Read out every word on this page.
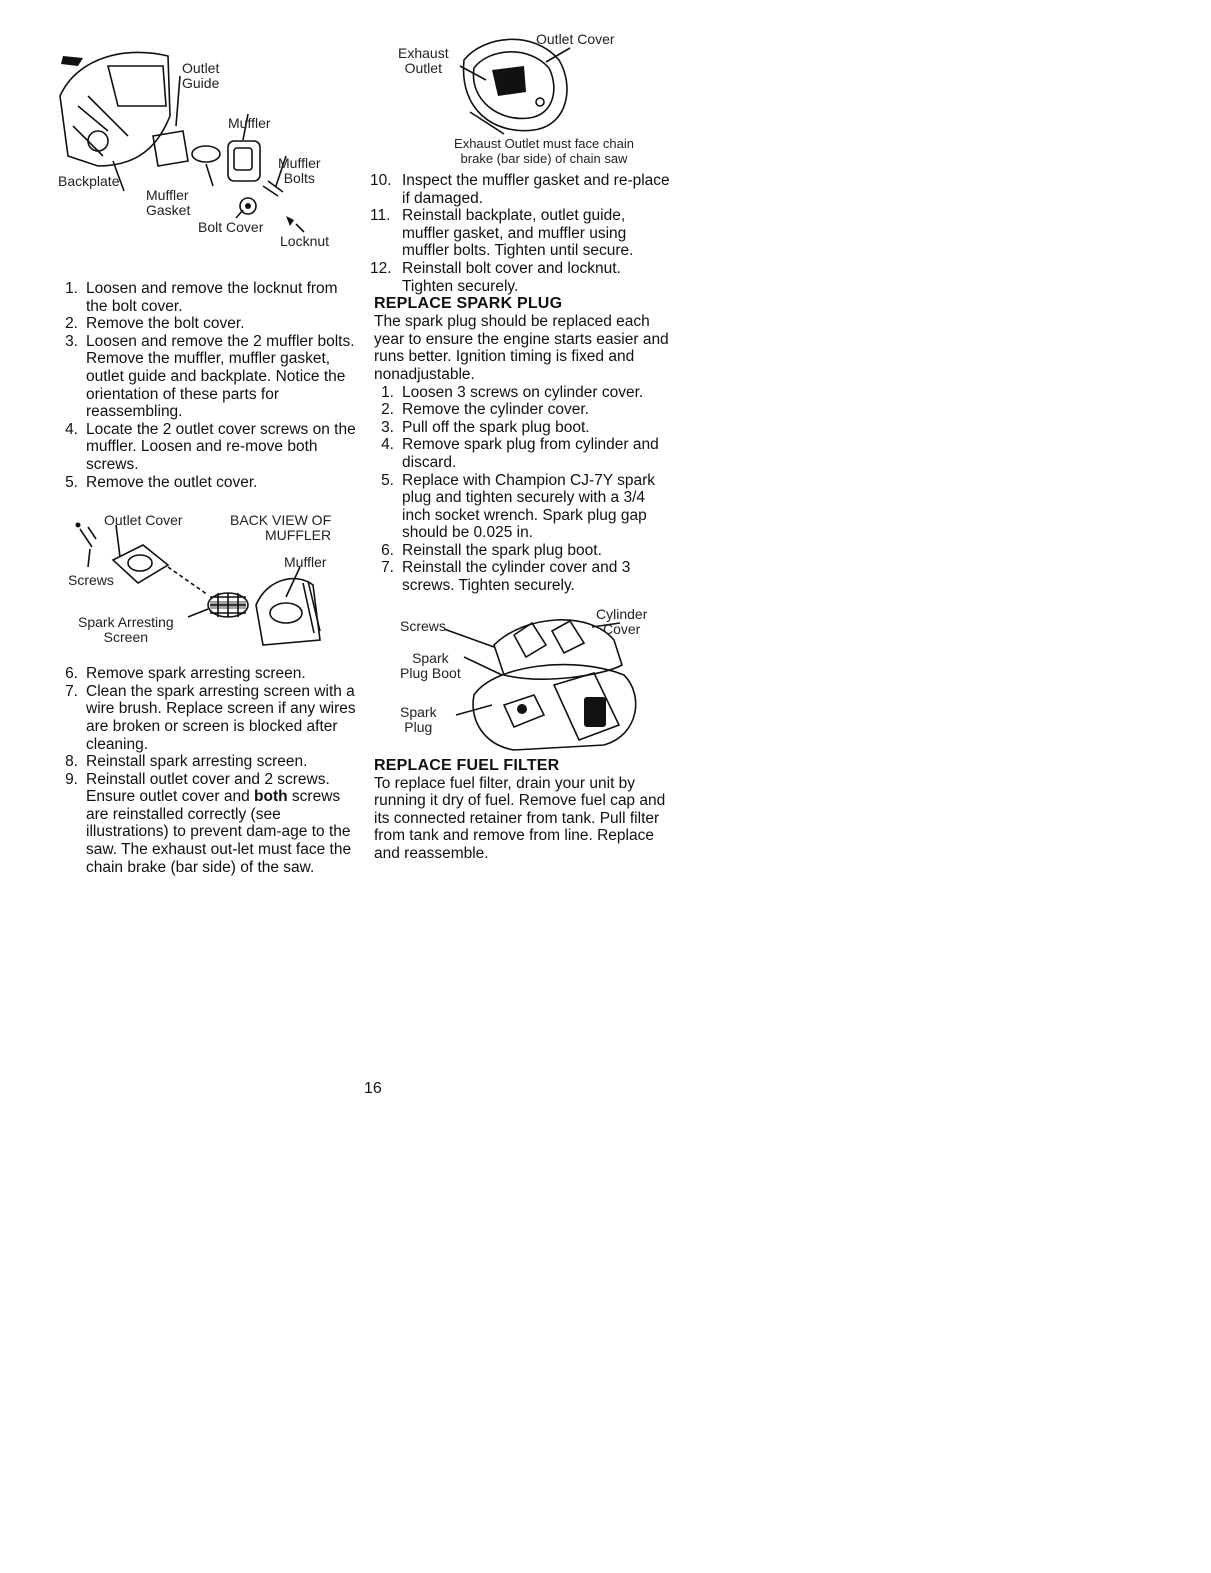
Outlet
Guide
Muffler
Muffler
Bolts
Backplate
Muffler
Gasket
Bolt Cover
Locknut
1. Loosen and remove the locknut from the bolt cover.
2. Remove the bolt cover.
3. Loosen and remove the 2 muffler bolts. Remove the muffler, muffler gasket, outlet guide and backplate. Notice the orientation of these parts for reassembling.
4. Locate the 2 outlet cover screws on the muffler. Loosen and re-move both screws.
5. Remove the outlet cover.
Outlet Cover	BACK VIEW OF
MUFFLER
Muffler
Screws
Spark Arresting
Screen
6. Remove spark arresting screen.
7. Clean the spark arresting screen with a wire brush. Replace screen if any wires are broken or screen is blocked after cleaning.
8. Reinstall spark arresting screen.
9. Reinstall outlet cover and 2 screws. Ensure outlet cover and both screws are reinstalled correctly (see illustrations) to prevent dam-age to the saw. The exhaust out-let must face the chain brake (bar side) of the saw.
Outlet Cover
Exhaust
Outlet
Exhaust Outlet must face chain
brake (bar side) of chain saw
10. Inspect the muffler gasket and re-place if damaged.
11. Reinstall backplate, outlet guide, muffler gasket, and muffler using muffler bolts. Tighten until secure.
12. Reinstall bolt cover and locknut. Tighten securely.
REPLACE SPARK PLUG

The spark plug should be replaced each year to ensure the engine starts easier and runs better. Ignition timing is fixed and nonadjustable.

1. Loosen 3 screws on cylinder cover.
2. Remove the cylinder cover.
3. Pull off the spark plug boot.
4. Remove spark plug from cylinder and discard.
5. Replace with Champion CJ-7Y spark plug and tighten securely with a 3/4 inch socket wrench. Spark plug gap should be 0.025 in.
6. Reinstall the spark plug boot.
7. Reinstall the cylinder cover and 3 screws. Tighten securely.
Screws
Cylinder
Cover
Spark
Plug Boot
Spark
Plug
REPLACE FUEL FILTER

To replace fuel filter, drain your unit by running it dry of fuel. Remove fuel cap and its connected retainer from tank. Pull filter from tank and remove from line. Replace and reassemble.

16
